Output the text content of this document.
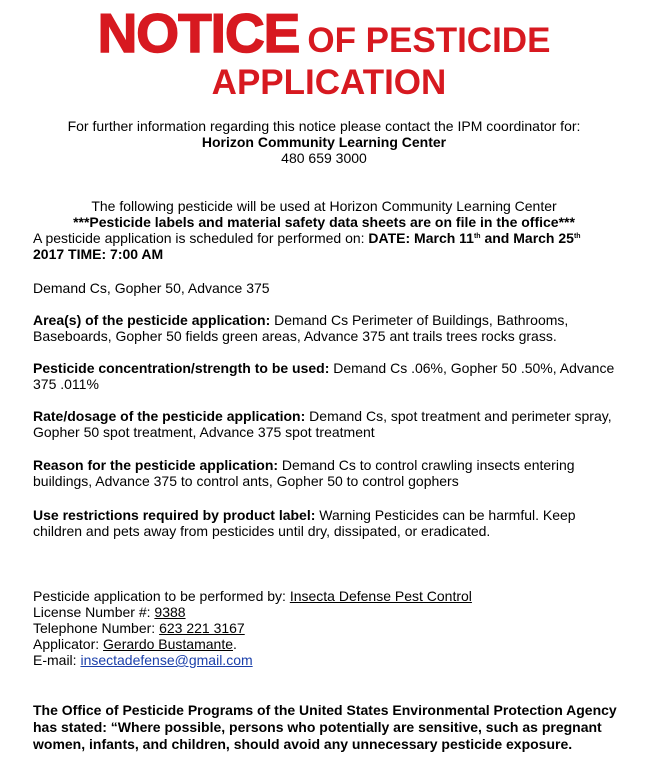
NOTICE OF PESTICIDE
APPLICATION
For further information regarding this notice please contact the IPM coordinator for:
Horizon Community Learning Center
480 659 3000
The following pesticide will be used at Horizon Community Learning Center
***Pesticide labels and material safety data sheets are on file in the office***
A pesticide application is scheduled for performed on: DATE: March 11th and March 25th
2017 TIME: 7:00 AM
Demand Cs, Gopher 50, Advance 375
Area(s) of the pesticide application: Demand Cs Perimeter of Buildings, Bathrooms, Baseboards, Gopher 50 fields green areas, Advance 375 ant trails trees rocks grass.
Pesticide concentration/strength to be used: Demand Cs .06%, Gopher 50 .50%, Advance 375 .011%
Rate/dosage of the pesticide application: Demand Cs, spot treatment and perimeter spray, Gopher 50 spot treatment, Advance 375 spot treatment
Reason for the pesticide application: Demand Cs to control crawling insects entering buildings, Advance 375 to control ants, Gopher 50 to control gophers
Use restrictions required by product label: Warning Pesticides can be harmful. Keep children and pets away from pesticides until dry, dissipated, or eradicated.
Pesticide application to be performed by: Insecta Defense Pest Control
License Number #: 9388
Telephone Number: 623 221 3167
Applicator: Gerardo Bustamante.
E-mail: insectadefense@gmail.com
The Office of Pesticide Programs of the United States Environmental Protection Agency has stated: “Where possible, persons who potentially are sensitive, such as pregnant women, infants, and children, should avoid any unnecessary pesticide exposure.
